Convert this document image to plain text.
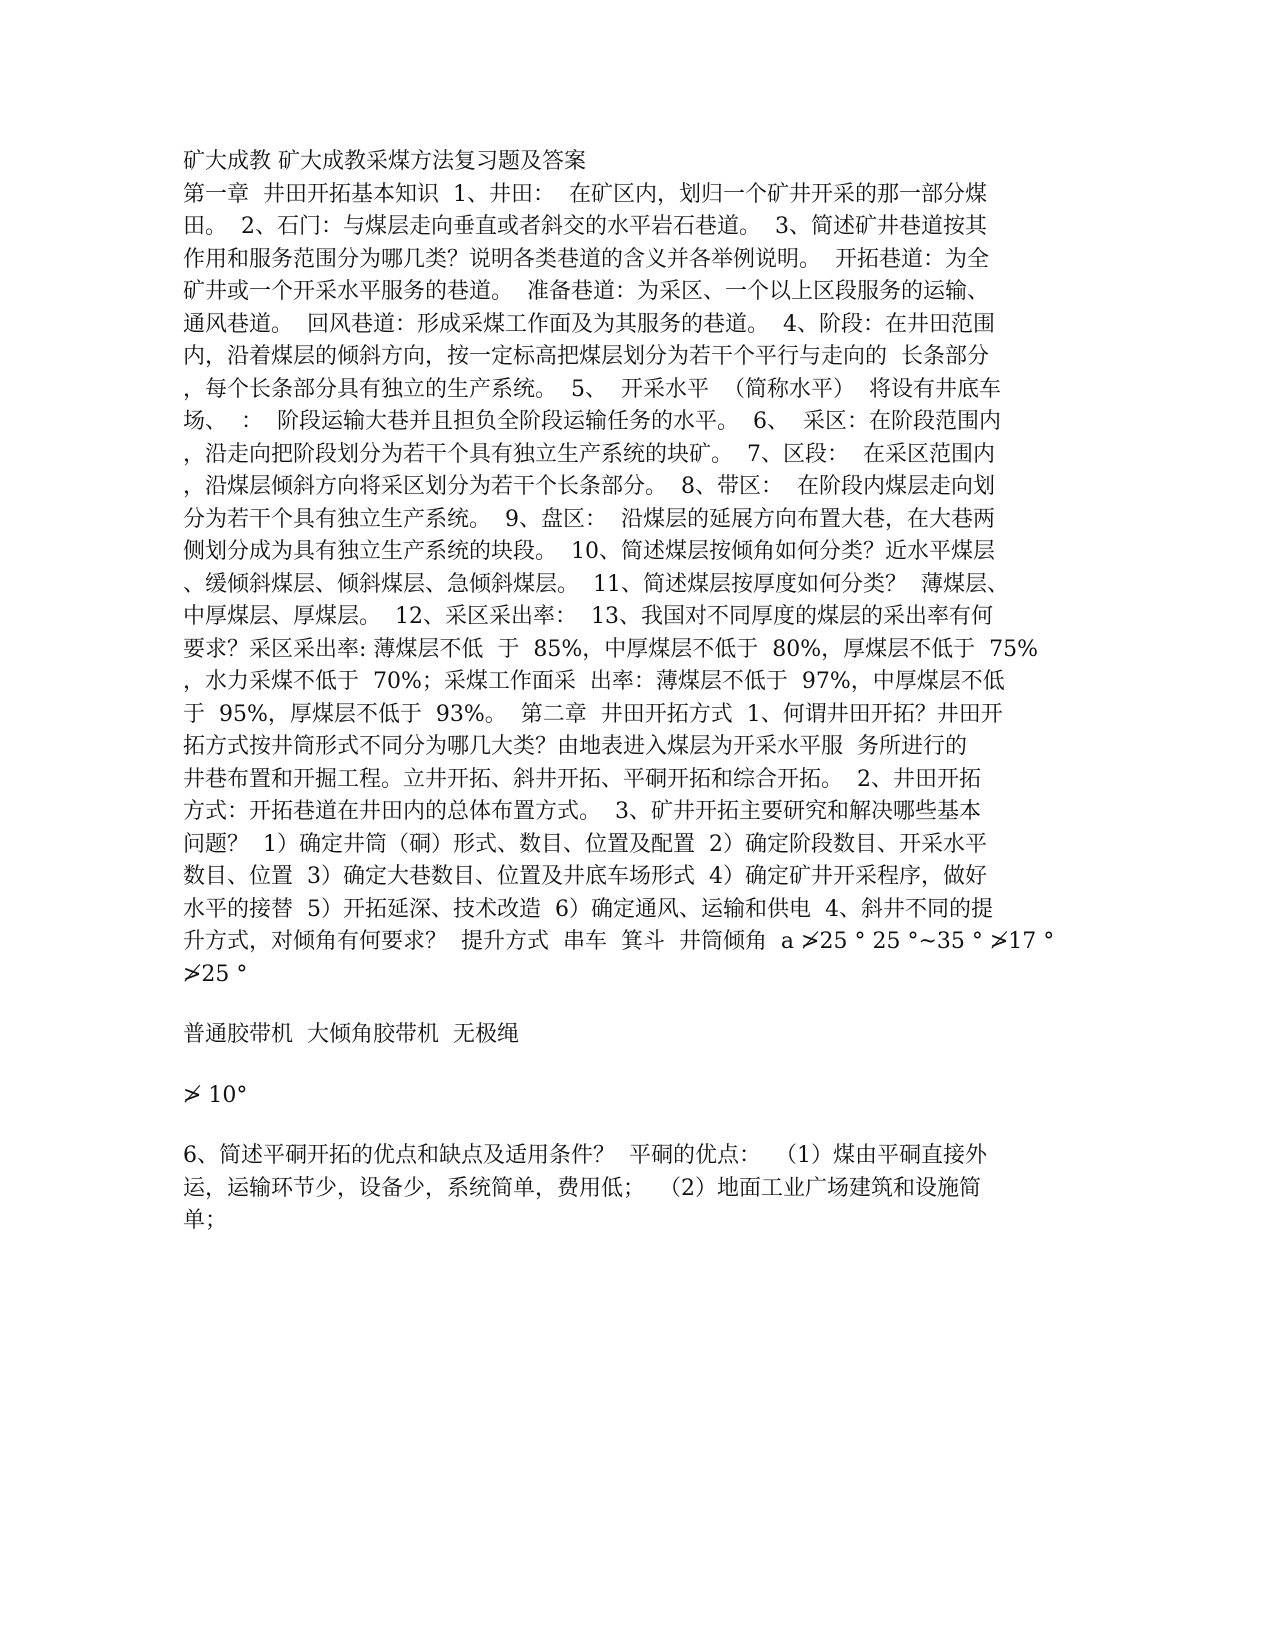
矿大成教 矿大成教采煤方法复习题及答案
第一章  井田开拓基本知识  1、井田：  在矿区内，划归一个矿井开采的那一部分煤
田。  2、石门：与煤层走向垂直或者斜交的水平岩石巷道。  3、简述矿井巷道按其
作用和服务范围分为哪几类？说明各类巷道的含义并各举例说明。  开拓巷道：为全
矿井或一个开采水平服务的巷道。  准备巷道：为采区、一个以上区段服务的运输、
通风巷道。  回风巷道：形成采煤工作面及为其服务的巷道。  4、阶段：在井田范围
内，沿着煤层的倾斜方向，按一定标高把煤层划分为若干个平行与走向的  长条部分
，每个长条部分具有独立的生产系统。  5、  开采水平  （简称水平）  将设有井底车
场、  ：  阶段运输大巷并且担负全阶段运输任务的水平。  6、  采区：在阶段范围内
，沿走向把阶段划分为若干个具有独立生产系统的块矿。  7、区段：  在采区范围内
，沿煤层倾斜方向将采区划分为若干个长条部分。  8、带区：  在阶段内煤层走向划
分为若干个具有独立生产系统。  9、盘区：  沿煤层的延展方向布置大巷，在大巷两
侧划分成为具有独立生产系统的块段。  10、简述煤层按倾角如何分类？近水平煤层
、缓倾斜煤层、倾斜煤层、急倾斜煤层。  11、简述煤层按厚度如何分类？  薄煤层、
中厚煤层、厚煤层。  12、采区采出率：  13、我国对不同厚度的煤层的采出率有何
要求？采区采出率: 薄煤层不低  于  85%，中厚煤层不低于  80%，厚煤层不低于  75%
，水力采煤不低于  70%；采煤工作面采  出率：薄煤层不低于  97%，中厚煤层不低
于  95%，厚煤层不低于  93%。  第二章  井田开拓方式  1、何谓井田开拓？井田开
拓方式按井筒形式不同分为哪几大类？由地表进入煤层为开采水平服  务所进行的
井巷布置和开掘工程。立井开拓、斜井开拓、平硐开拓和综合开拓。  2、井田开拓
方式：开拓巷道在井田内的总体布置方式。  3、矿井开拓主要研究和解决哪些基本
问题？  1）确定井筒（硐）形式、数目、位置及配置  2）确定阶段数目、开采水平
数目、位置  3）确定大巷数目、位置及井底车场形式  4）确定矿井开采程序，做好
水平的接替  5）开拓延深、技术改造  6）确定通风、运输和供电  4、斜井不同的提
升方式，对倾角有何要求？  提升方式  串车  箕斗  井筒倾角  a ≯25 ° 25 °~35 ° ≯17 °
≯25 °
普通胶带机  大倾角胶带机  无极绳
≯ 10°
6、简述平硐开拓的优点和缺点及适用条件？  平硐的优点：  （1）煤由平硐直接外
运，运输环节少，设备少，系统简单，费用低；  （2）地面工业广场建筑和设施简
单；
